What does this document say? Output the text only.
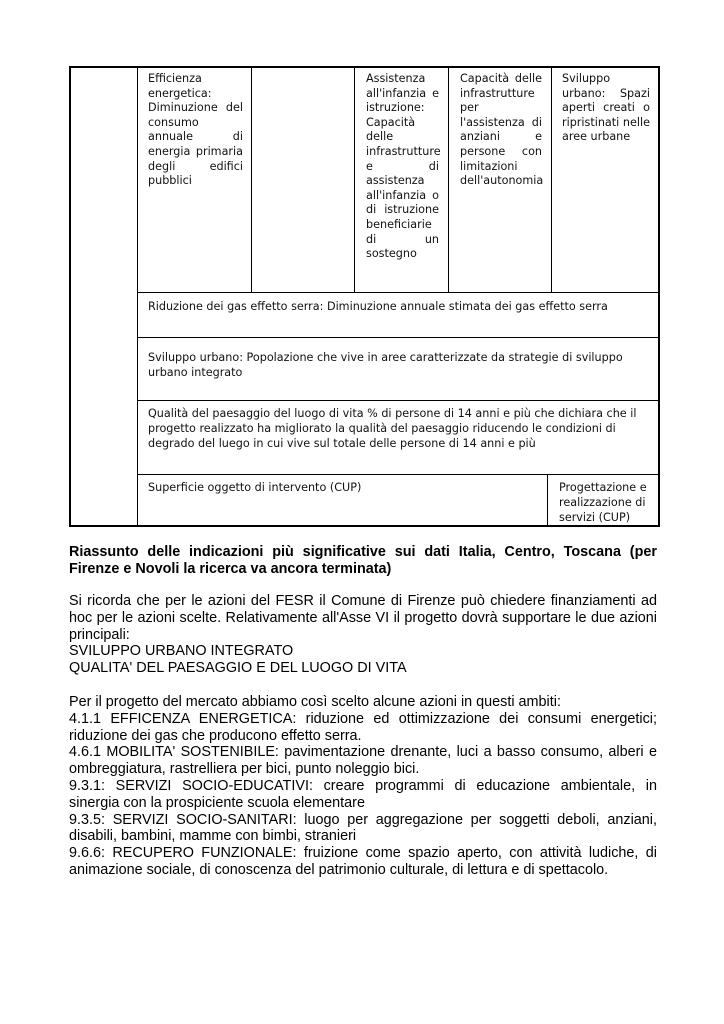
Efficienza energetica: Diminuzione del consumo annuale di energia primaria degli edifici pubblici
Assistenza all'infanzia e istruzione: Capacità delle infrastrutture e di assistenza all'infanzia o di istruzione beneficiarie di un sostegno
Capacità delle infrastrutture per l'assistenza di anziani e persone con limitazioni dell'autonomia
Sviluppo urbano: Spazi aperti creati o ripristinati nelle aree urbane
Riduzione dei gas effetto serra: Diminuzione annuale stimata dei gas effetto serra
Sviluppo urbano: Popolazione che vive in aree caratterizzate da strategie di sviluppo urbano integrato
Qualità del paesaggio del luogo di vita % di persone di 14 anni e più che dichiara che il progetto realizzato ha migliorato la qualità del paesaggio riducendo le condizioni di degrado del luego in cui vive sul totale delle persone di 14 anni e più
Superficie oggetto di intervento (CUP)	Progettazione e realizzazione di servizi (CUP)
Riassunto delle indicazioni più significative sui dati Italia, Centro, Toscana (per Firenze e Novoli la ricerca va ancora terminata)

Si ricorda che per le azioni del FESR il Comune di Firenze può chiedere finanziamenti ad hoc per le azioni scelte. Relativamente all'Asse VI il progetto dovrà supportare le due azioni principali:

SVILUPPO URBANO INTEGRATO

QUALITA' DEL PAESAGGIO E DEL LUOGO DI VITA

Per il progetto del mercato abbiamo così scelto alcune azioni in questi ambiti:

4.1.1 EFFICENZA ENERGETICA: riduzione ed ottimizzazione dei consumi energetici; riduzione dei gas che producono effetto serra.

4.6.1 MOBILITA' SOSTENIBILE: pavimentazione drenante, luci a basso consumo, alberi e ombreggiatura, rastrelliera per bici, punto noleggio bici.

9.3.1: SERVIZI SOCIO-EDUCATIVI: creare programmi di educazione ambientale, in sinergia con la prospiciente scuola elementare

9.3.5: SERVIZI SOCIO-SANITARI: luogo per aggregazione per soggetti deboli, anziani, disabili, bambini, mamme con bimbi, stranieri

9.6.6: RECUPERO FUNZIONALE: fruizione come spazio aperto, con attività ludiche, di animazione sociale, di conoscenza del patrimonio culturale, di lettura e di spettacolo.
